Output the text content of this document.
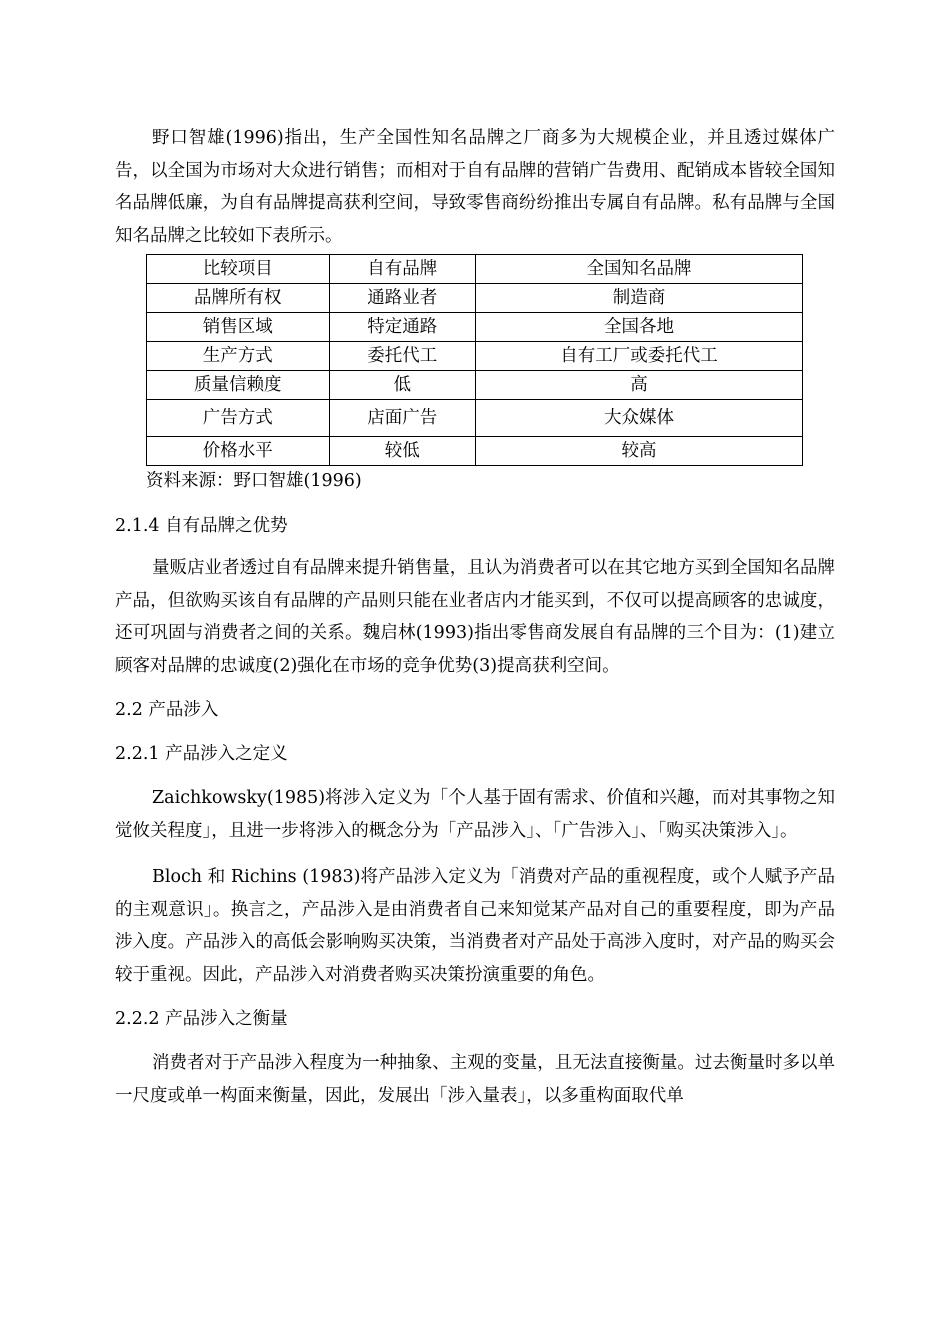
野口智雄(1996)指出，生产全国性知名品牌之厂商多为大规模企业，并且透过媒体广告，以全国为市场对大众进行销售；而相对于自有品牌的营销广告费用、配销成本皆较全国知名品牌低廉，为自有品牌提高获利空间，导致零售商纷纷推出专属自有品牌。私有品牌与全国知名品牌之比较如下表所示。

比较项目	自有品牌	全国知名品牌
品牌所有权	通路业者	制造商
销售区域	特定通路	全国各地
生产方式	委托代工	自有工厂或委托代工
质量信赖度	低	高
广告方式	店面广告	大众媒体
价格水平	较低	较高
资料来源：野口智雄(1996)

2.1.4 自有品牌之优势

量贩店业者透过自有品牌来提升销售量，且认为消费者可以在其它地方买到全国知名品牌产品，但欲购买该自有品牌的产品则只能在业者店内才能买到，不仅可以提高顾客的忠诚度，还可巩固与消费者之间的关系。魏启林(1993)指出零售商发展自有品牌的三个目为：(1)建立顾客对品牌的忠诚度(2)强化在市场的竞争优势(3)提高获利空间。

2.2 产品涉入

2.2.1 产品涉入之定义

Zaichkowsky(1985)将涉入定义为「个人基于固有需求、价值和兴趣，而对其事物之知觉攸关程度」，且进一步将涉入的概念分为「产品涉入」、「广告涉入」、「购买决策涉入」。

Bloch 和 Richins (1983)将产品涉入定义为「消费对产品的重视程度，或个人赋予产品的主观意识」。换言之，产品涉入是由消费者自己来知觉某产品对自己的重要程度，即为产品涉入度。产品涉入的高低会影响购买决策，当消费者对产品处于高涉入度时，对产品的购买会较于重视。因此，产品涉入对消费者购买决策扮演重要的角色。

2.2.2 产品涉入之衡量

消费者对于产品涉入程度为一种抽象、主观的变量，且无法直接衡量。过去衡量时多以单一尺度或单一构面来衡量，因此，发展出「涉入量表」，以多重构面取代单
